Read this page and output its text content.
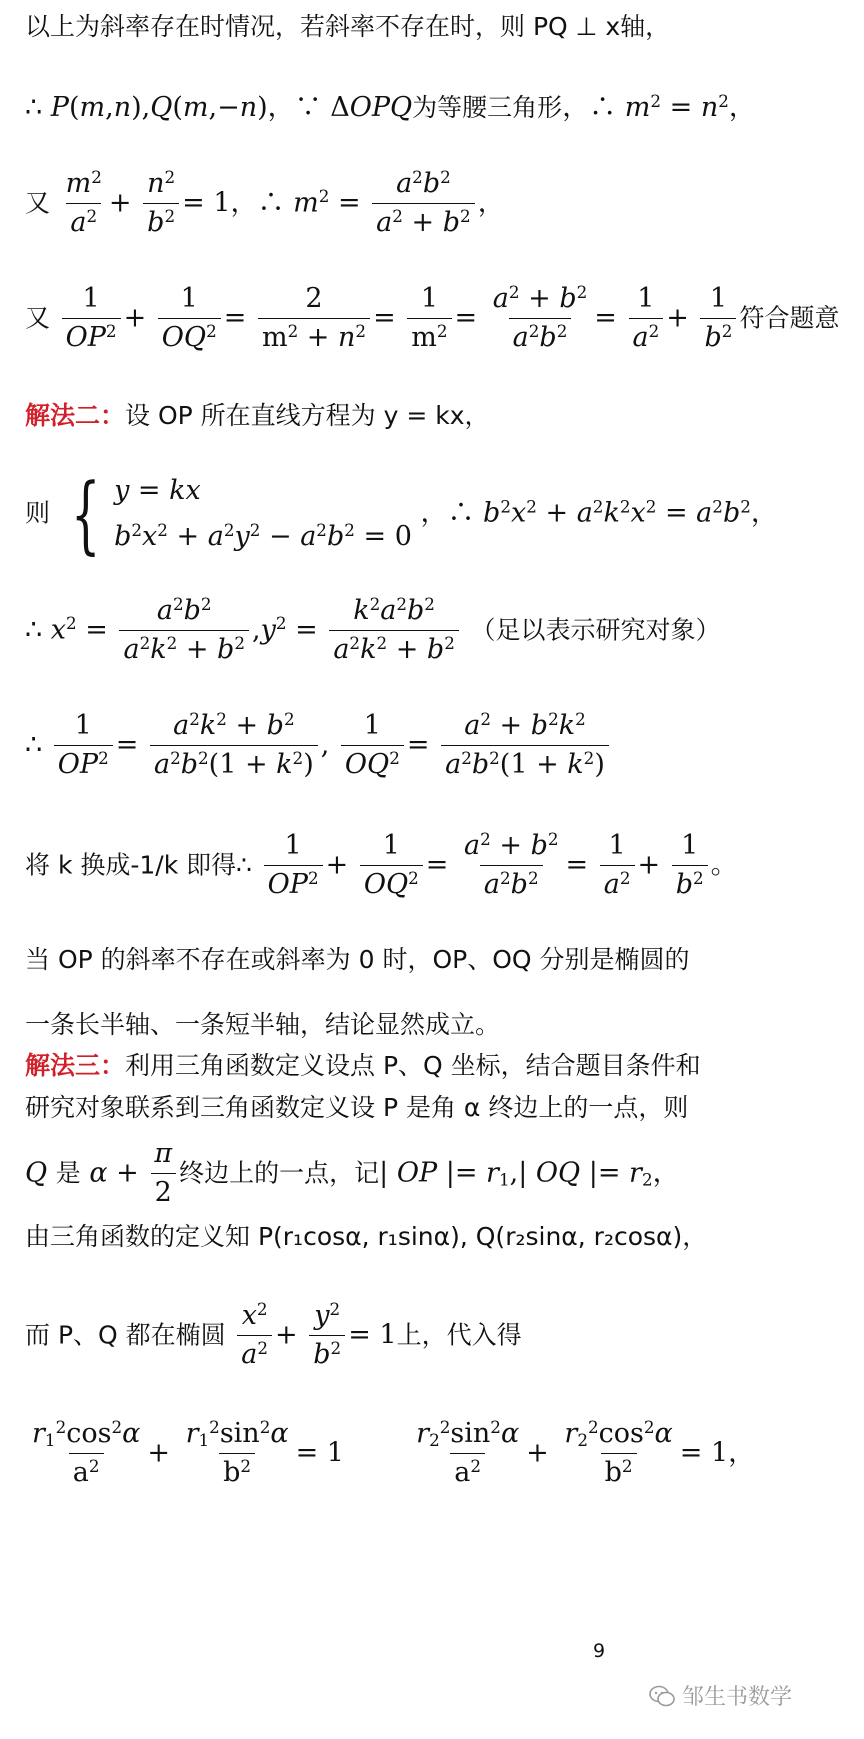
以上为斜率存在时情况，若斜率不存在时，则 PQ ⊥ x轴，
∴ P(m,n),Q(m,−n)，∵ ΔOPQ为等腰三角形，∴ $m^2 = n^2$，
又 $\frac{m^2}{a^2} + \frac{n^2}{b^2} = 1$，∴ $m^2 = \frac{a^2b^2}{a^2 + b^2}$ ，
又 $\frac{1}{OP^2} + \frac{1}{OQ^2} = \frac{2}{m^2 + n^2} = \frac{1}{m^2} = \frac{a^2 + b^2}{a^2b^2} = \frac{1}{a^2} + \frac{1}{b^2}$ 符合题意
解法二：设 OP 所在直线方程为 y = kx，
则 { y = kx
$b^2x^2 + a^2y^2 - a^2b^2 = 0$
，∴ $b^2x^2 + a^2k^2x^2 = a^2b^2$，
∴ $x^2 = \frac{a^2b^2}{a^2k^2 + b^2} ,y^2 = \frac{k^2a^2b^2}{a^2k^2 + b^2}$ （足以表示研究对象）
∴ $\frac{1}{OP^2} = \frac{a^2k^2 + b^2}{a^2b^2(1 + k^2)}$ , $\frac{1}{OQ^2} = \frac{a^2 + b^2k^2}{a^2b^2(1 + k^2)}$
将 k 换成-1/k 即得∴ $\frac{1}{OP^2} + \frac{1}{OQ^2} = \frac{a^2 + b^2}{a^2b^2} = \frac{1}{a^2} + \frac{1}{b^2}$ 。
当 OP 的斜率不存在或斜率为 0 时，OP、OQ 分别是椭圆的
一条长半轴、一条短半轴，结论显然成立。
解法三：利用三角函数定义设点 P、Q 坐标，结合题目条件和
研究对象联系到三角函数定义设 P 是角 α 终边上的一点，则
Q 是 $\alpha + \frac{\pi}{2}$ 终边上的一点，记| OP |= $r_1,|$ OQ |= $r_2$，
由三角函数的定义知 P(r₁cosα, r₁sinα), Q(r₂sinα, r₂cosα)，
而 P、Q 都在椭圆 $\frac{x^2}{a^2} + \frac{y^2}{b^2} = 1$上，代入得
$\frac{r_1^2\cos^2\alpha}{a^2} + \frac{r_1^2\sin^2\alpha}{b^2} = 1 \frac{r_2^2\sin^2\alpha}{a^2} + \frac{r_2^2\cos^2\alpha}{b^2} = 1$，
9
邹生书数学
